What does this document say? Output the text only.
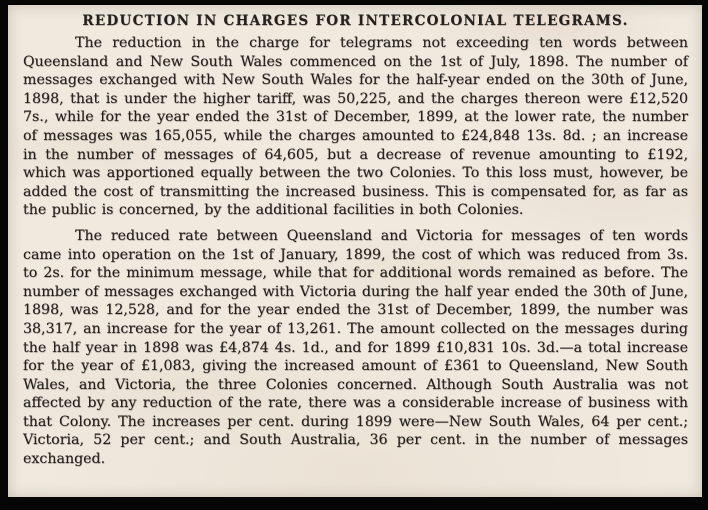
REDUCTION IN CHARGES FOR INTERCOLONIAL TELEGRAMS.

The reduction in the charge for telegrams not exceeding ten words between Queensland and New South Wales commenced on the 1st of July, 1898. The number of messages exchanged with New South Wales for the half-year ended on the 30th of June, 1898, that is under the higher tariff, was 50,225, and the charges thereon were £12,520 7s., while for the year ended the 31st of December, 1899, at the lower rate, the number of messages was 165,055, while the charges amounted to £24,848 13s. 8d. ; an increase in the number of messages of 64,605, but a decrease of revenue amounting to £192, which was apportioned equally between the two Colonies. To this loss must, however, be added the cost of transmitting the increased business. This is compensated for, as far as the public is concerned, by the additional facilities in both Colonies.

The reduced rate between Queensland and Victoria for messages of ten words came into operation on the 1st of January, 1899, the cost of which was reduced from 3s. to 2s. for the minimum message, while that for additional words remained as before. The number of messages exchanged with Victoria during the half year ended the 30th of June, 1898, was 12,528, and for the year ended the 31st of December, 1899, the number was 38,317, an increase for the year of 13,261. The amount collected on the messages during the half year in 1898 was £4,874 4s. 1d., and for 1899 £10,831 10s. 3d.—a total increase for the year of £1,083, giving the increased amount of £361 to Queensland, New South Wales, and Victoria, the three Colonies concerned. Although South Australia was not affected by any reduction of the rate, there was a considerable increase of business with that Colony. The increases per cent. during 1899 were—New South Wales, 64 per cent.; Victoria, 52 per cent.; and South Australia, 36 per cent. in the number of messages exchanged.
